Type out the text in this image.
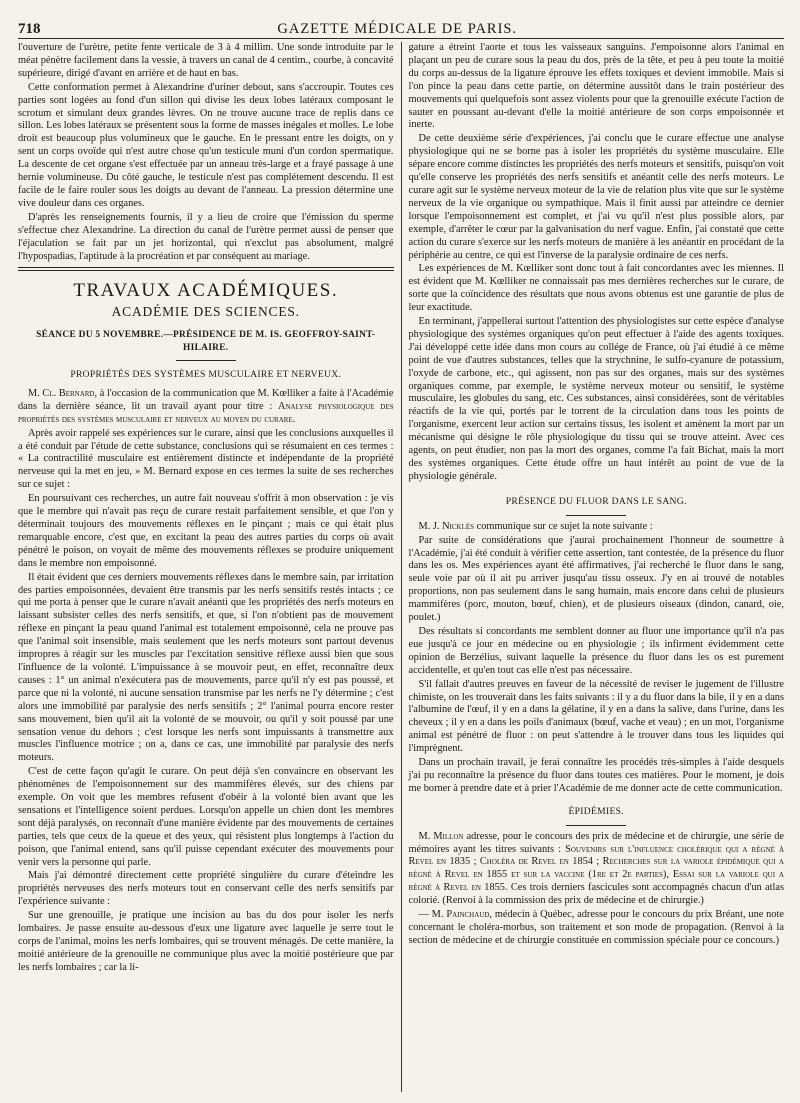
718	GAZETTE MÉDICALE DE PARIS.

l'ouverture de l'urètre, petite fente verticale de 3 à 4 millim. Une sonde introduite par le méat pénètre facilement dans la vessie, à travers un canal de 4 centim., courbe, à concavité supérieure, dirigé d'avant en arrière et de haut en bas.

Cette conformation permet à Alexandrine d'uriner debout, sans s'accroupir. Toutes ces parties sont logées au fond d'un sillon qui divise les deux lobes latéraux composant le scrotum et simulant deux grandes lèvres. On ne trouve aucune trace de replis dans ce sillon. Les lobes latéraux se présentent sous la forme de masses inégales et molles. Le lobe droit est beaucoup plus volumineux que le gauche. En le pressant entre les doigts, on y sent un corps ovoïde qui n'est autre chose qu'un testicule muni d'un cordon spermatique. La descente de cet organe s'est effectuée par un anneau très-large et a frayé passage à une hernie volumineuse. Du côté gauche, le testicule n'est pas complétement descendu. Il est facile de le faire rouler sous les doigts au devant de l'anneau. La pression détermine une vive douleur dans ces organes.

D'après les renseignements fournis, il y a lieu de croire que l'émission du sperme s'effectue chez Alexandrine. La direction du canal de l'urètre permet aussi de penser que l'éjaculation se fait par un jet horizontal, qui n'exclut pas absolument, malgré l'hypospadias, l'aptitude à la procréation et par conséquent au mariage.

TRAVAUX ACADÉMIQUES.
ACADÉMIE DES SCIENCES.
SÉANCE DU 5 NOVEMBRE.—PRÉSIDENCE DE M. IS. GEOFFROY-SAINT-HILAIRE.
PROPRIÉTÉS DES SYSTÈMES MUSCULAIRE ET NERVEUX.

M. Cl. Bernard, à l'occasion de la communication que M. Kœlliker a faite à l'Académie dans la dernière séance, lit un travail ayant pour titre : Analyse physiologique des propriétés des systèmes musculaire et nerveux au moyen du curare.

Après avoir rappelé ses expériences sur le curare, ainsi que les conclusions auxquelles il a été conduit par l'étude de cette substance, conclusions qui se résumaient en ces termes : « La contractilité musculaire est entièrement distincte et indépendante de la propriété nerveuse qui la met en jeu, » M. Bernard expose en ces termes la suite de ses recherches sur ce sujet :

En poursuivant ces recherches, un autre fait nouveau s'offrit à mon observation : je vis que le membre qui n'avait pas reçu de curare restait parfaitement sensible, et que l'on y déterminait toujours des mouvements réflexes en le pinçant ; mais ce qui était plus remarquable encore, c'est que, en excitant la peau des autres parties du corps où avait pénétré le poison, on voyait de même des mouvements réflexes se produire uniquement dans le membre non empoisonné.

Il était évident que ces derniers mouvements réflexes dans le membre sain, par irritation des parties empoisonnées, devaient être transmis par les nerfs sensitifs restés intacts ; ce qui me porta à penser que le curare n'avait anéanti que les propriétés des nerfs moteurs en laissant subsister celles des nerfs sensitifs, et que, si l'on n'obtient pas de mouvement réflexe en pinçant la peau quand l'animal est totalement empoisonné, cela ne prouve pas que l'animal soit insensible, mais seulement que les nerfs moteurs sont partout devenus impropres à réagir sur les muscles par l'excitation sensitive réflexe aussi bien que sous l'influence de la volonté. L'impuissance à se mouvoir peut, en effet, reconnaître deux causes : 1° un animal n'exécutera pas de mouvements, parce qu'il n'y est pas poussé, et parce que ni la volonté, ni aucune sensation transmise par les nerfs ne l'y détermine ; c'est alors une immobilité par paralysie des nerfs sensitifs ; 2° l'animal pourra encore rester sans mouvement, bien qu'il ait la volonté de se mouvoir, ou qu'il y soit poussé par une sensation venue du dehors ; c'est lorsque les nerfs sont impuissants à transmettre aux muscles l'influence motrice ; on a, dans ce cas, une immobilité par paralysie des nerfs moteurs.

C'est de cette façon qu'agit le curare. On peut déjà s'en convaincre en observant les phénomènes de l'empoisonnement sur des mammifères élevés, sur des chiens par exemple. On voit que les membres refusent d'obéir à la volonté bien avant que les sensations et l'intelligence soient perdues. Lorsqu'on appelle un chien dont les membres sont déjà paralysés, on reconnaît d'une manière évidente par des mouvements de certaines parties, tels que ceux de la queue et des yeux, qui résistent plus longtemps à l'action du poison, que l'animal entend, sans qu'il puisse cependant exécuter des mouvements pour venir vers la personne qui parle.

Mais j'ai démontré directement cette propriété singulière du curare d'éteindre les propriétés nerveuses des nerfs moteurs tout en conservant celle des nerfs sensitifs par l'expérience suivante :

Sur une grenouille, je pratique une incision au bas du dos pour isoler les nerfs lombaires. Je passe ensuite au-dessous d'eux une ligature avec laquelle je serre tout le corps de l'animal, moins les nerfs lombaires, qui se trouvent ménagés. De cette manière, la moitié antérieure de la grenouille ne communique plus avec la moitié postérieure que par les nerfs lombaires ; car la li-

gature a étreint l'aorte et tous les vaisseaux sanguins. J'empoisonne alors l'animal en plaçant un peu de curare sous la peau du dos, près de la tête, et peu à peu toute la moitié du corps au-dessus de la ligature éprouve les effets toxiques et devient immobile. Mais si l'on pince la peau dans cette partie, on détermine aussitôt dans le train postérieur des mouvements qui quelquefois sont assez violents pour que la grenouille exécute l'action de sauter en poussant au-devant d'elle la moitié antérieure de son corps empoisonnée et inerte.

De cette deuxième série d'expériences, j'ai conclu que le curare effectue une analyse physiologique qui ne se borne pas à isoler les propriétés du système musculaire. Elle sépare encore comme distinctes les propriétés des nerfs moteurs et sensitifs, puisqu'on voit qu'elle conserve les propriétés des nerfs sensitifs et anéantit celle des nerfs moteurs. Le curare agit sur le système nerveux moteur de la vie de relation plus vite que sur le système nerveux de la vie organique ou sympathique. Mais il finit aussi par atteindre ce dernier lorsque l'empoisonnement est complet, et j'ai vu qu'il n'est plus possible alors, par exemple, d'arrêter le cœur par la galvanisation du nerf vague. Enfin, j'ai constaté que cette action du curare s'exerce sur les nerfs moteurs de manière à les anéantir en procédant de la périphérie au centre, ce qui est l'inverse de la paralysie ordinaire de ces nerfs.

Les expériences de M. Kœlliker sont donc tout à fait concordantes avec les miennes. Il est évident que M. Kœlliker ne connaissait pas mes dernières recherches sur le curare, de sorte que la coïncidence des résultats que nous avons obtenus est une garantie de plus de leur exactitude.

En terminant, j'appellerai surtout l'attention des physiologistes sur cette espèce d'analyse physiologique des systèmes organiques qu'on peut effectuer à l'aide des agents toxiques. J'ai développé cette idée dans mon cours au collége de France, où j'ai étudié à ce même point de vue d'autres substances, telles que la strychnine, le sulfo-cyanure de potassium, l'oxyde de carbone, etc., qui agissent, non pas sur des organes, mais sur des systèmes organiques comme, par exemple, le système nerveux moteur ou sensitif, le système musculaire, les globules du sang, etc. Ces substances, ainsi considérées, sont de véritables réactifs de la vie qui, portés par le torrent de la circulation dans tous les points de l'organisme, exercent leur action sur certains tissus, les isolent et amènent la mort par un mécanisme qui désigne le rôle physiologique du tissu qui se trouve atteint. Avec ces agents, on peut étudier, non pas la mort des organes, comme l'a fait Bichat, mais la mort des systèmes organiques. Cette étude offre un haut intérêt au point de vue de la physiologie générale.

PRÉSENCE DU FLUOR DANS LE SANG.

M. J. Nicklès communique sur ce sujet la note suivante :

Par suite de considérations que j'aurai prochainement l'honneur de soumettre à l'Académie, j'ai été conduit à vérifier cette assertion, tant contestée, de la présence du fluor dans les os. Mes expériences ayant été affirmatives, j'ai recherché le fluor dans le sang, seule voie par où il ait pu arriver jusqu'au tissu osseux. J'y en ai trouvé de notables proportions, non pas seulement dans le sang humain, mais encore dans celui de plusieurs mammifères (porc, mouton, bœuf, chien), et de plusieurs oiseaux (dindon, canard, oie, poulet.)

Des résultats si concordants me semblent donner au fluor une importance qu'il n'a pas eue jusqu'à ce jour en médecine ou en physiologie ; ils infirment évidemment cette opinion de Berzélius, suivant laquelle la présence du fluor dans les os est purement accidentelle, et qu'en tout cas elle n'est pas nécessaire.

S'il fallait d'autres preuves en faveur de la nécessité de reviser le jugement de l'illustre chimiste, on les trouverait dans les faits suivants : il y a du fluor dans la bile, il y en a dans l'albumine de l'œuf, il y en a dans la gélatine, il y en a dans la salive, dans l'urine, dans les cheveux ; il y en a dans les poils d'animaux (bœuf, vache et veau) ; en un mot, l'organisme animal est pénétré de fluor : on peut s'attendre à le trouver dans tous les liquides qui l'imprègnent.

Dans un prochain travail, je ferai connaître les procédés très-simples à l'aide desquels j'ai pu reconnaître la présence du fluor dans toutes ces matières. Pour le moment, je dois me borner à prendre date et à prier l'Académie de me donner acte de cette communication.

ÉPIDÉMIES.

M. Millon adresse, pour le concours des prix de médecine et de chirurgie, une série de mémoires ayant les titres suivants : Souvenirs sur l'influence cholérique qui a régné à Revel en 1835 ; Choléra de Revel en 1854 ; Recherches sur la variole épidémique qui a régné à Revel en 1855 et sur la vaccine (1re et 2e parties), Essai sur la variole qui a régné à Revel en 1855. Ces trois derniers fascicules sont accompagnés chacun d'un atlas colorié. (Renvoi à la commission des prix de médecine et de chirurgie.)

— M. Painchaud, médecin à Québec, adresse pour le concours du prix Bréant, une note concernant le choléra-morbus, son traitement et son mode de propagation. (Renvoi à la section de médecine et de chirurgie constituée en commission spéciale pour ce concours.)
